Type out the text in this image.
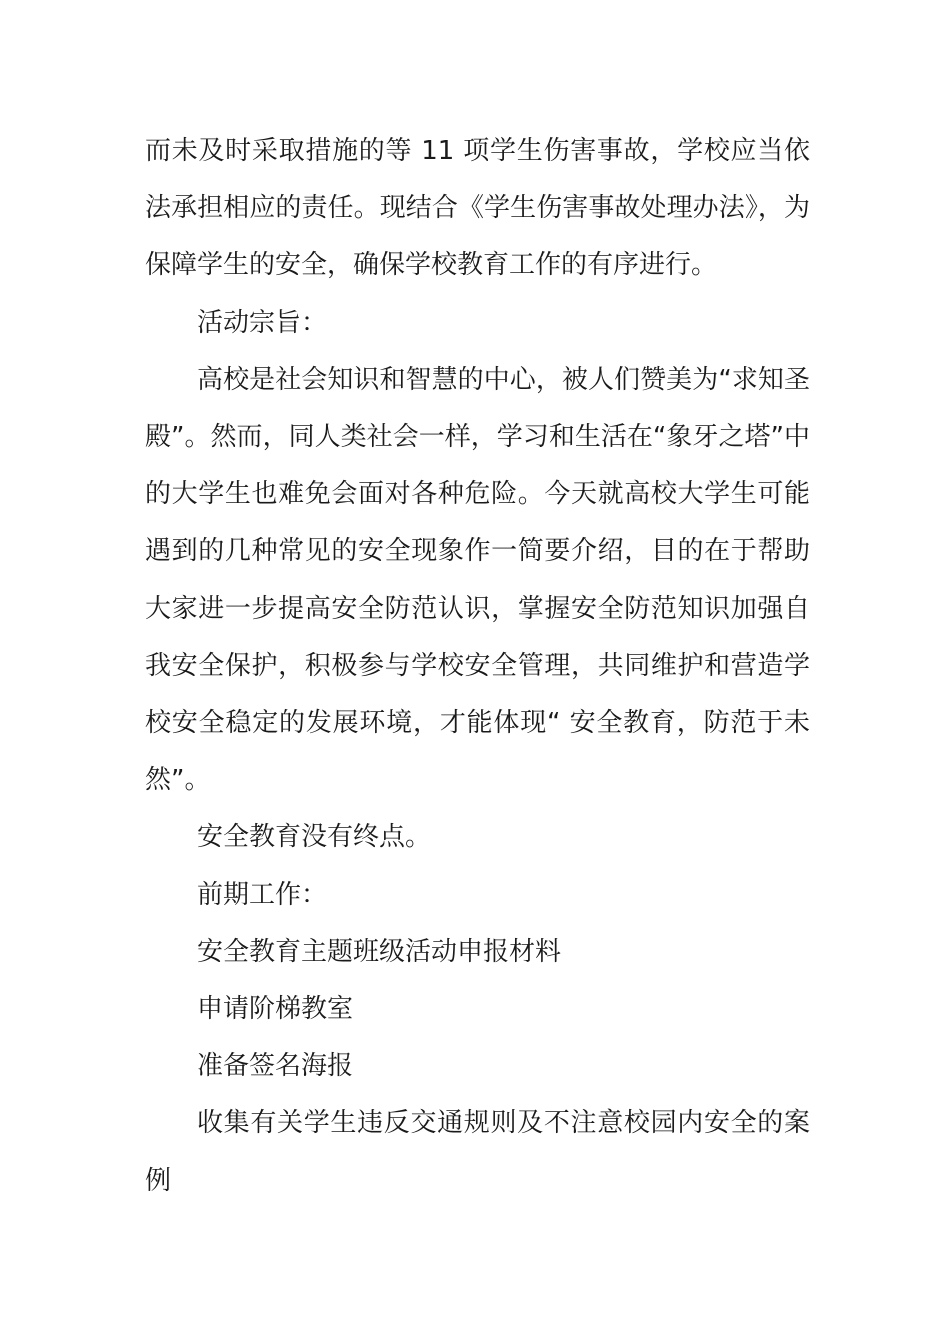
而未及时采取措施的等 11 项学生伤害事故，学校应当依法承担相应的责任。现结合《学生伤害事故处理办法》，为保障学生的安全，确保学校教育工作的有序进行。

活动宗旨：

高校是社会知识和智慧的中心，被人们赞美为“求知圣殿”。然而，同人类社会一样，学习和生活在“象牙之塔”中的大学生也难免会面对各种危险。今天就高校大学生可能遇到的几种常见的安全现象作一简要介绍，目的在于帮助大家进一步提高安全防范认识，掌握安全防范知识加强自我安全保护，积极参与学校安全管理，共同维护和营造学校安全稳定的发展环境，才能体现“ 安全教育，防范于未然”。

安全教育没有终点。

前期工作：

安全教育主题班级活动申报材料

申请阶梯教室

准备签名海报

收集有关学生违反交通规则及不注意校园内安全的案例
